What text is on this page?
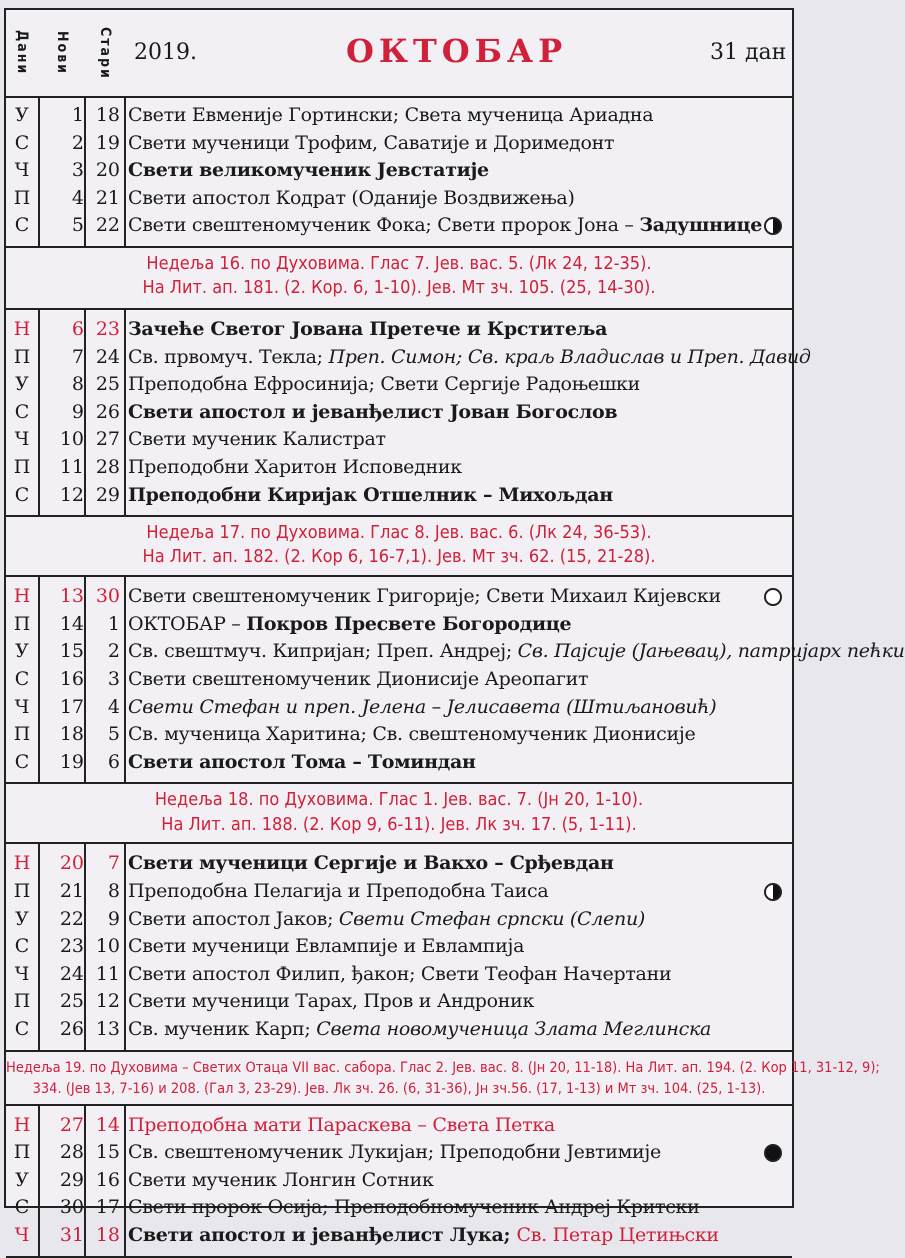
Дани Нови Стари 2019.	ОКТОБАР	31 дан
У	1 18 Свети Евменије Гортински; Света мученица Ариадна
С	2 19 Свети мученици Трофим, Саватије и Доримедонт
Ч	3 20 Свети великомученик Јевстатије
П	4 21 Свети апостол Кодрат (Оданије Воздвижења)
С	5 22 Свети свештеномученик Фока; Свети пророк Јона – Задушнице
Недеља 16. по Духовима. Глас 7. Јев. вас. 5. (Лк 24, 12-35).
На Лит. ап. 181. (2. Кор. 6, 1-10). Јев. Мт зч. 105. (25, 14-30).
Н	6 23 Зачеће Светог Јована Претече и Крститеља
П	7 24 Св. првомуч. Текла; Преп. Симон; Св. краљ Владислав и Преп. Давид
У	8 25 Преподобна Ефросинија; Свети Сергије Радоњешки
С	9 26 Свети апостол и јеванђелист Јован Богослов
Ч	10 27 Свети мученик Калистрат
П	11 28 Преподобни Харитон Исповедник
С	12 29 Преподобни Киријак Отшелник – Михољдан
Недеља 17. по Духовима. Глас 8. Јев. вас. 6. (Лк 24, 36-53).
На Лит. ап. 182. (2. Кор 6, 16-7,1). Јев. Мт зч. 62. (15, 21-28).
Н	13 30 Свети свештеномученик Григорије; Свети Михаил Кијевски
П	14	1 ОКТОБАР – Покров Пресвете Богородице
У	15	2 Св. свештмуч. Кипријан; Преп. Андреј; Св. Пајсије (Јањевац), патријарх пећки
С	16	3 Свети свештеномученик Дионисије Ареопагит
Ч	17	4 Свети Стефан и преп. Јелена – Јелисавета (Штиљановић)
П	18	5 Св. мученица Харитина; Св. свештеномученик Дионисије
С	19	6 Свети апостол Тома – Томиндан
Недеља 18. по Духовима. Глас 1. Јев. вас. 7. (Јн 20, 1-10).
На Лит. ап. 188. (2. Кор 9, 6-11). Јев. Лк зч. 17. (5, 1-11).
Н	20	7 Свети мученици Сергије и Вакхо – Срђевдан
П	21	8 Преподобна Пелагија и Преподобна Таиса
У	22	9 Свети апостол Јаков; Свети Стефан српски (Слепи)
С	23 10 Свети мученици Евлампије и Евлампија
Ч	24 11 Свети апостол Филип, ђакон; Свети Теофан Начертани
П	25 12 Свети мученици Тарах, Пров и Андроник
С	26 13 Св. мученик Карп; Света новомученица Злата Мeглинска
Недеља 19. по Духовима – Светих Отаца VII вас. сабора. Глас 2. Јев. вас. 8. (Јн 20, 11-18). На Лит. ап. 194. (2. Кор 11, 31-12, 9);
334. (Јев 13, 7-16) и 208. (Гал 3, 23-29). Јев. Лк зч. 26. (6, 31-36), Јн зч.56. (17, 1-13) и Мт зч. 104. (25, 1-13).
Н	27 14 Преподобна мати Параскева – Света Петка
П	28 15 Св. свештеномученик Лукијан; Преподобни Јевтимије
У	29 16 Свети мученик Лонгин Сотник
С	30 17 Свети пророк Осија; Преподобномученик Андреј Критски
Ч	31 18 Свети апостол и јеванђелист Лука; Св. Петар Цетињски
